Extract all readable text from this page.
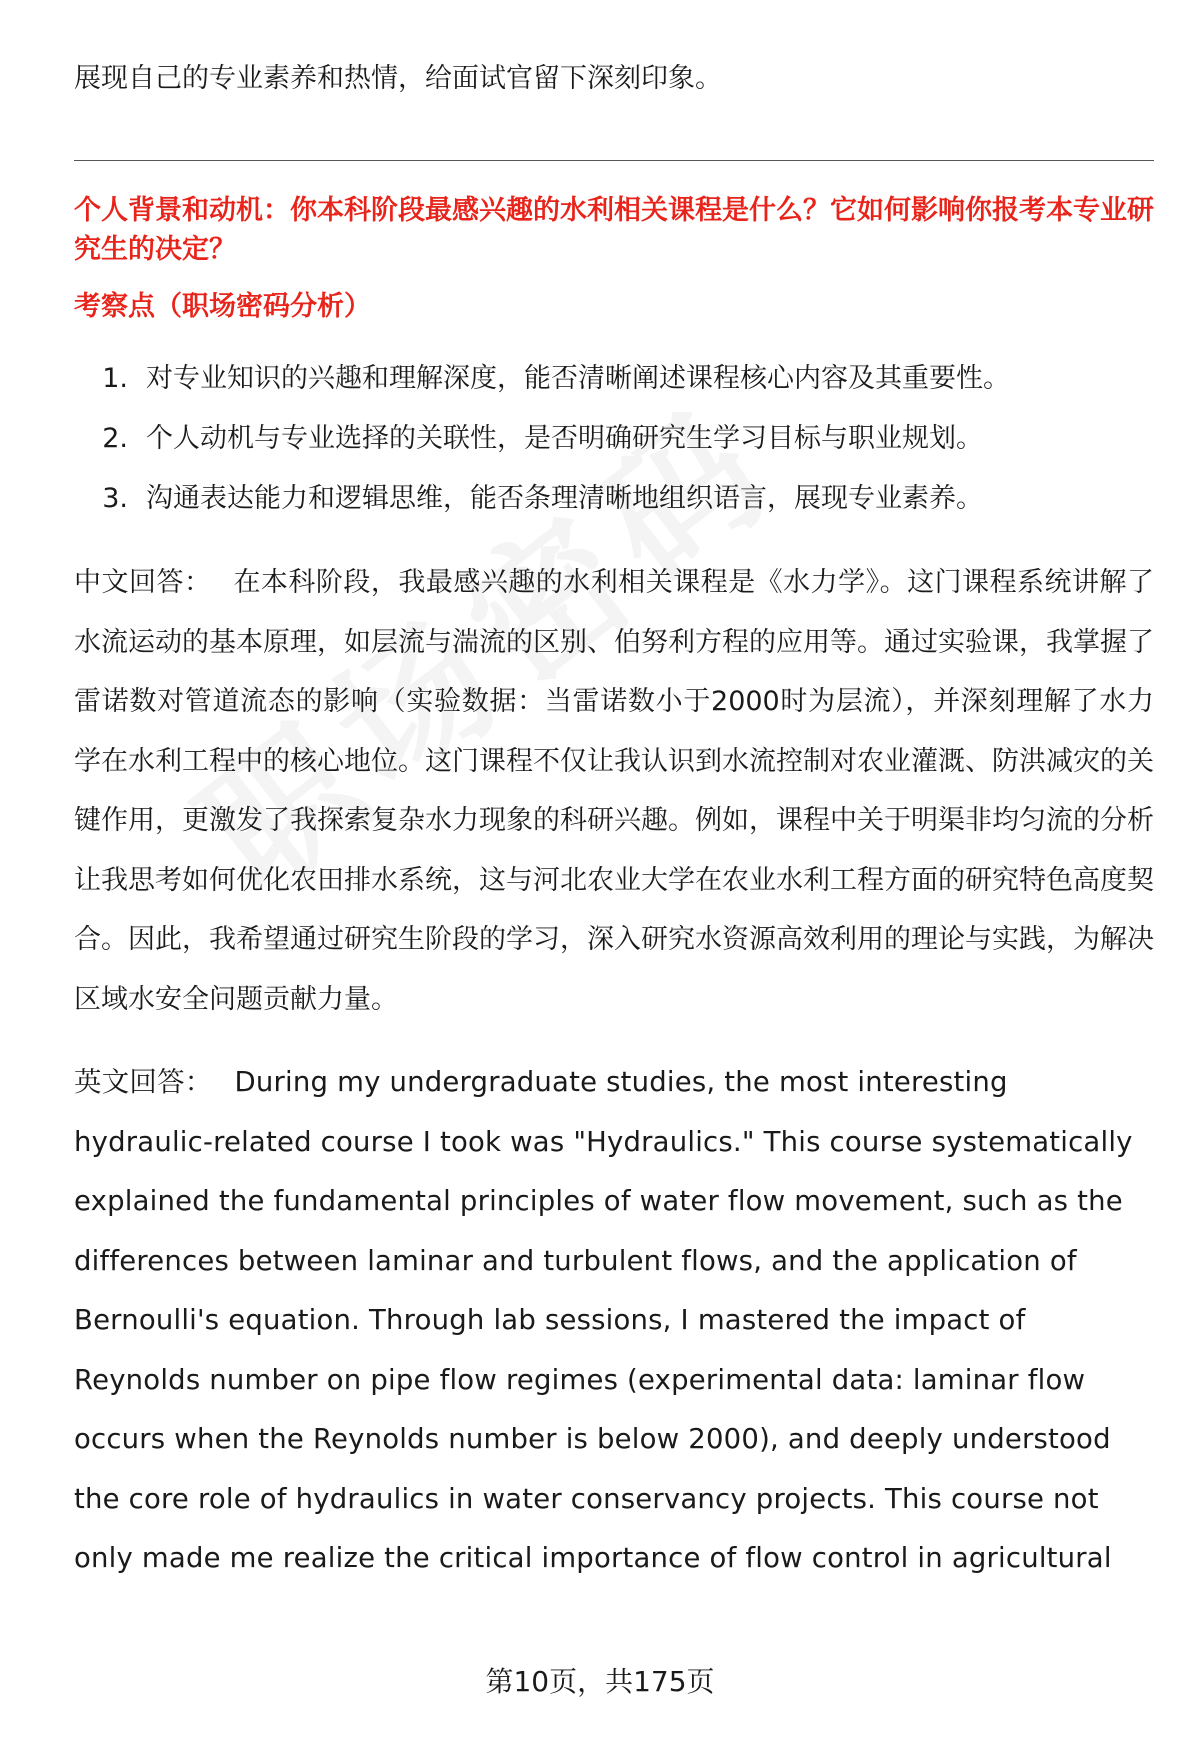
展现自己的专业素养和热情，给面试官留下深刻印象。

个人背景和动机：你本科阶段最感兴趣的水利相关课程是什么？它如何影响你报考本专业研究生的决定？

考察点（职场密码分析）

1. 对专业知识的兴趣和理解深度，能否清晰阐述课程核心内容及其重要性。
2. 个人动机与专业选择的关联性，是否明确研究生学习目标与职业规划。
3. 沟通表达能力和逻辑思维，能否条理清晰地组织语言，展现专业素养。

中文回答： 在本科阶段，我最感兴趣的水利相关课程是《水力学》。这门课程系统讲解了水流运动的基本原理，如层流与湍流的区别、伯努利方程的应用等。通过实验课，我掌握了雷诺数对管道流态的影响（实验数据：当雷诺数小于2000时为层流），并深刻理解了水力学在水利工程中的核心地位。这门课程不仅让我认识到水流控制对农业灌溉、防洪减灾的关键作用，更激发了我探索复杂水力现象的科研兴趣。例如，课程中关于明渠非均匀流的分析让我思考如何优化农田排水系统，这与河北农业大学在农业水利工程方面的研究特色高度契合。因此，我希望通过研究生阶段的学习，深入研究水资源高效利用的理论与实践，为解决区域水安全问题贡献力量。

英文回答： During my undergraduate studies, the most interesting hydraulic-related course I took was "Hydraulics." This course systematically explained the fundamental principles of water flow movement, such as the differences between laminar and turbulent flows, and the application of Bernoulli's equation. Through lab sessions, I mastered the impact of Reynolds number on pipe flow regimes (experimental data: laminar flow occurs when the Reynolds number is below 2000), and deeply understood the core role of hydraulics in water conservancy projects. This course not only made me realize the critical importance of flow control in agricultural

第10页，共175页
